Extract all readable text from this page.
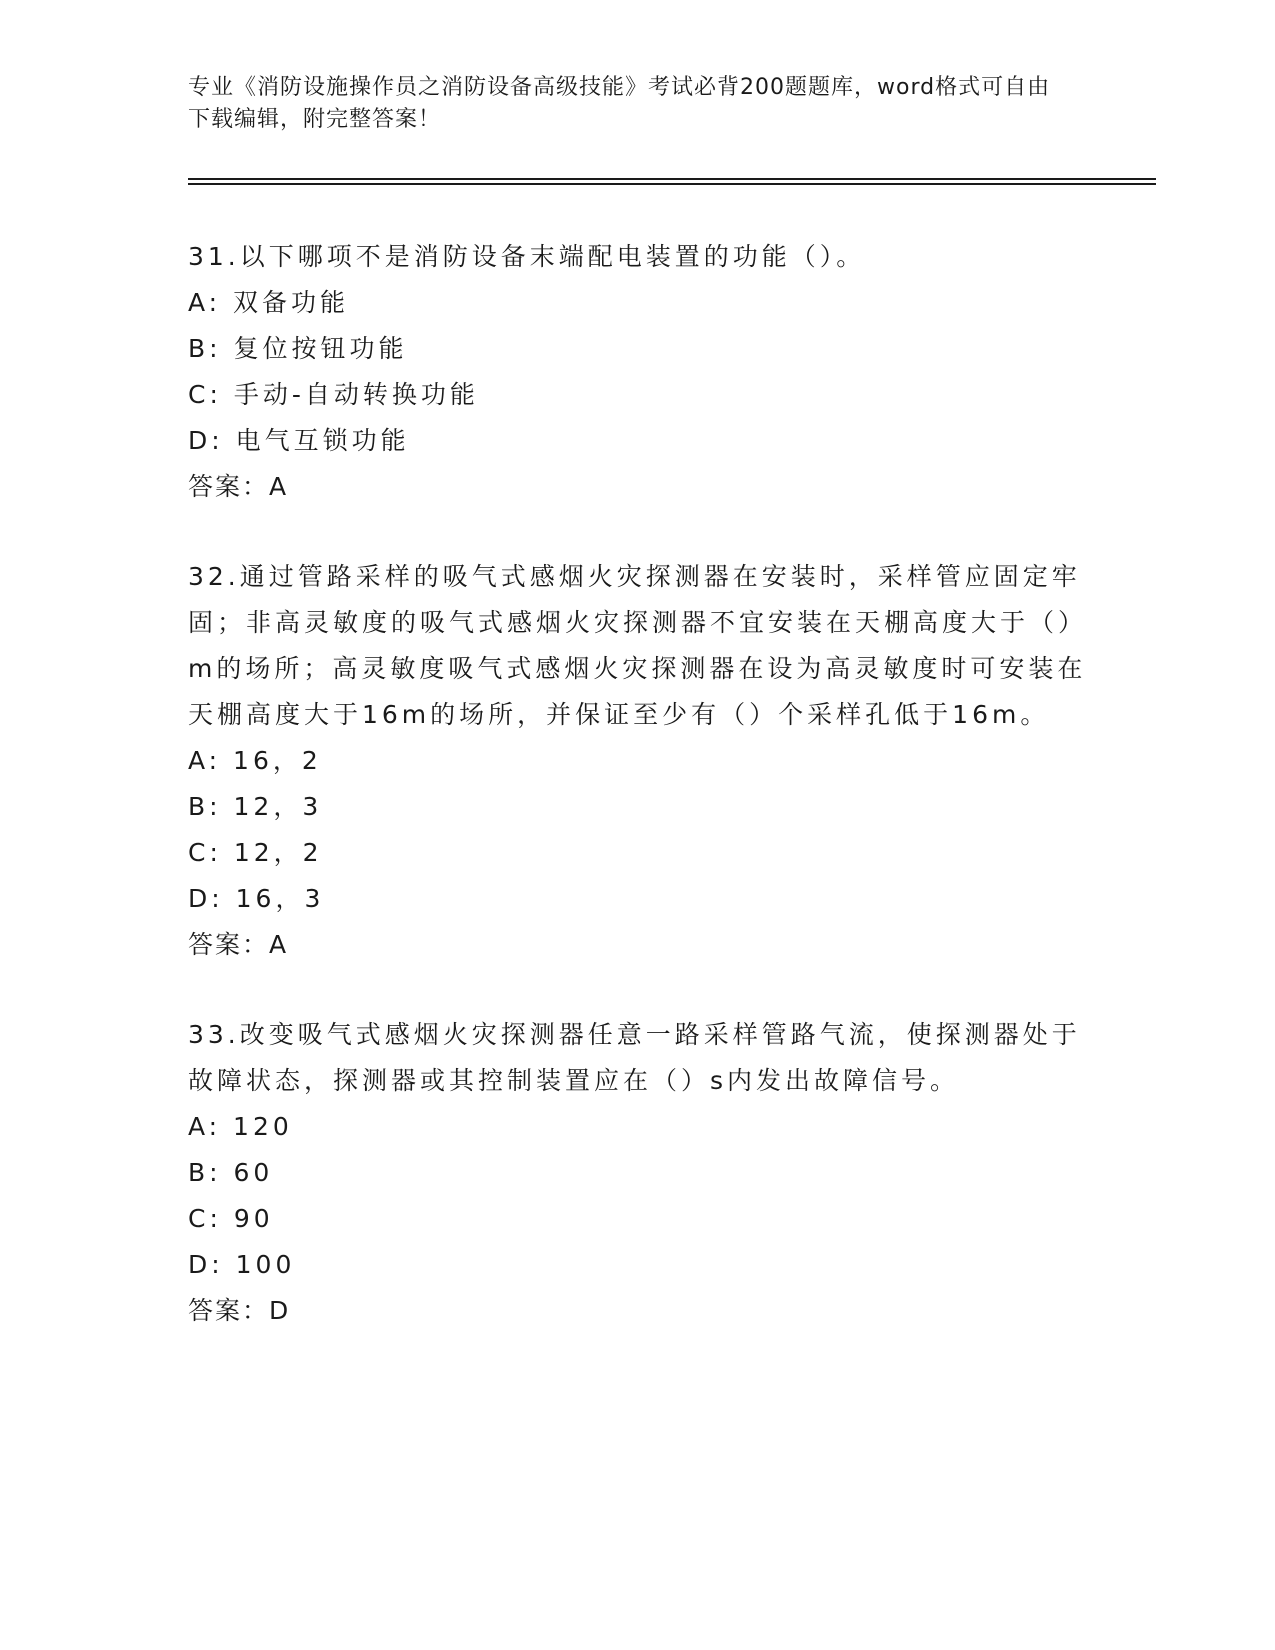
专业《消防设施操作员之消防设备高级技能》考试必背200题题库，word格式可自由下载编辑，附完整答案！

31.以下哪项不是消防设备末端配电装置的功能（）。

A:
双备功能

B:
复位按钮功能

C:
手动-自动转换功能

D:
电气互锁功能

答案：A

32.通过管路采样的吸气式感烟火灾探测器在安装时，采样管应固定牢固；非高灵敏度的吸气式感烟火灾探测器不宜安装在天棚高度大于（）m的场所；高灵敏度吸气式感烟火灾探测器在设为高灵敏度时可安装在天棚高度大于16m的场所，并保证至少有（）个采样孔低于16m。

A:
16，2

B:
12，3

C:
12，2

D:
16，3

答案：A

33.改变吸气式感烟火灾探测器任意一路采样管路气流，使探测器处于故障状态，探测器或其控制装置应在（）s内发出故障信号。

A:
120

B:
60

C:
90

D:
100

答案：D
